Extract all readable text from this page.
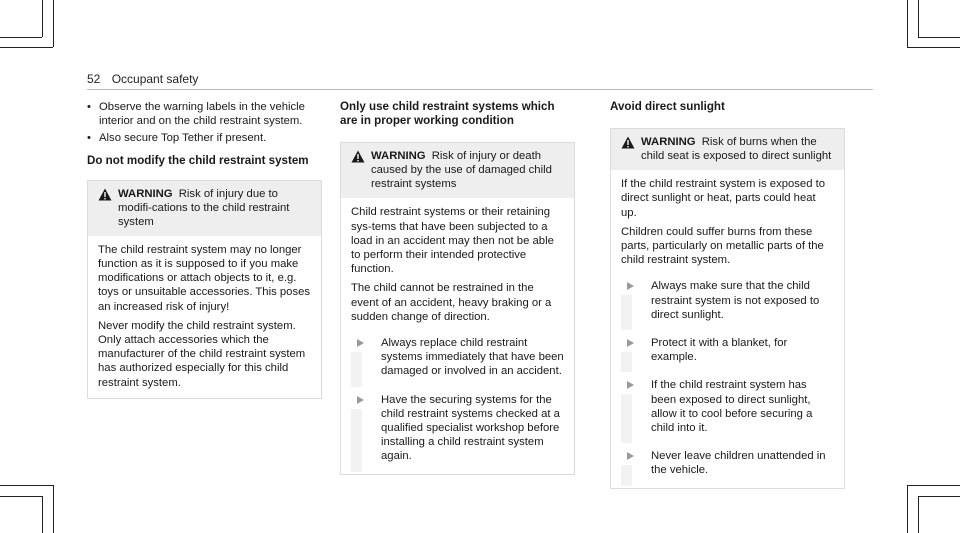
52 Occupant safety
• Observe the warning labels in the vehicle interior and on the child restraint system.
• Also secure Top Tether if present.
Do not modify the child restraint system
WARNING Risk of injury due to modifi-cations to the child restraint system

The child restraint system may no longer function as it is supposed to if you make modifications or attach objects to it, e.g. toys or unsuitable accessories. This poses an increased risk of injury!

Never modify the child restraint system. Only attach accessories which the manufacturer of the child restraint system has authorized especially for this child restraint system.

Only use child restraint systems which are in proper working condition
WARNING Risk of injury or death caused by the use of damaged child restraint systems

Child restraint systems or their retaining sys-tems that have been subjected to a load in an accident may then not be able to perform their intended protective function.

The child cannot be restrained in the event of an accident, heavy braking or a sudden change of direction.

Always replace child restraint systems immediately that have been damaged or involved in an accident.
Have the securing systems for the child restraint systems checked at a qualified specialist workshop before installing a child restraint system again.
Avoid direct sunlight
WARNING Risk of burns when the child seat is exposed to direct sunlight

If the child restraint system is exposed to direct sunlight or heat, parts could heat up.

Children could suffer burns from these parts, particularly on metallic parts of the child restraint system.

Always make sure that the child restraint system is not exposed to direct sunlight.
Protect it with a blanket, for example.
If the child restraint system has been exposed to direct sunlight, allow it to cool before securing a child into it.
Never leave children unattended in the vehicle.
